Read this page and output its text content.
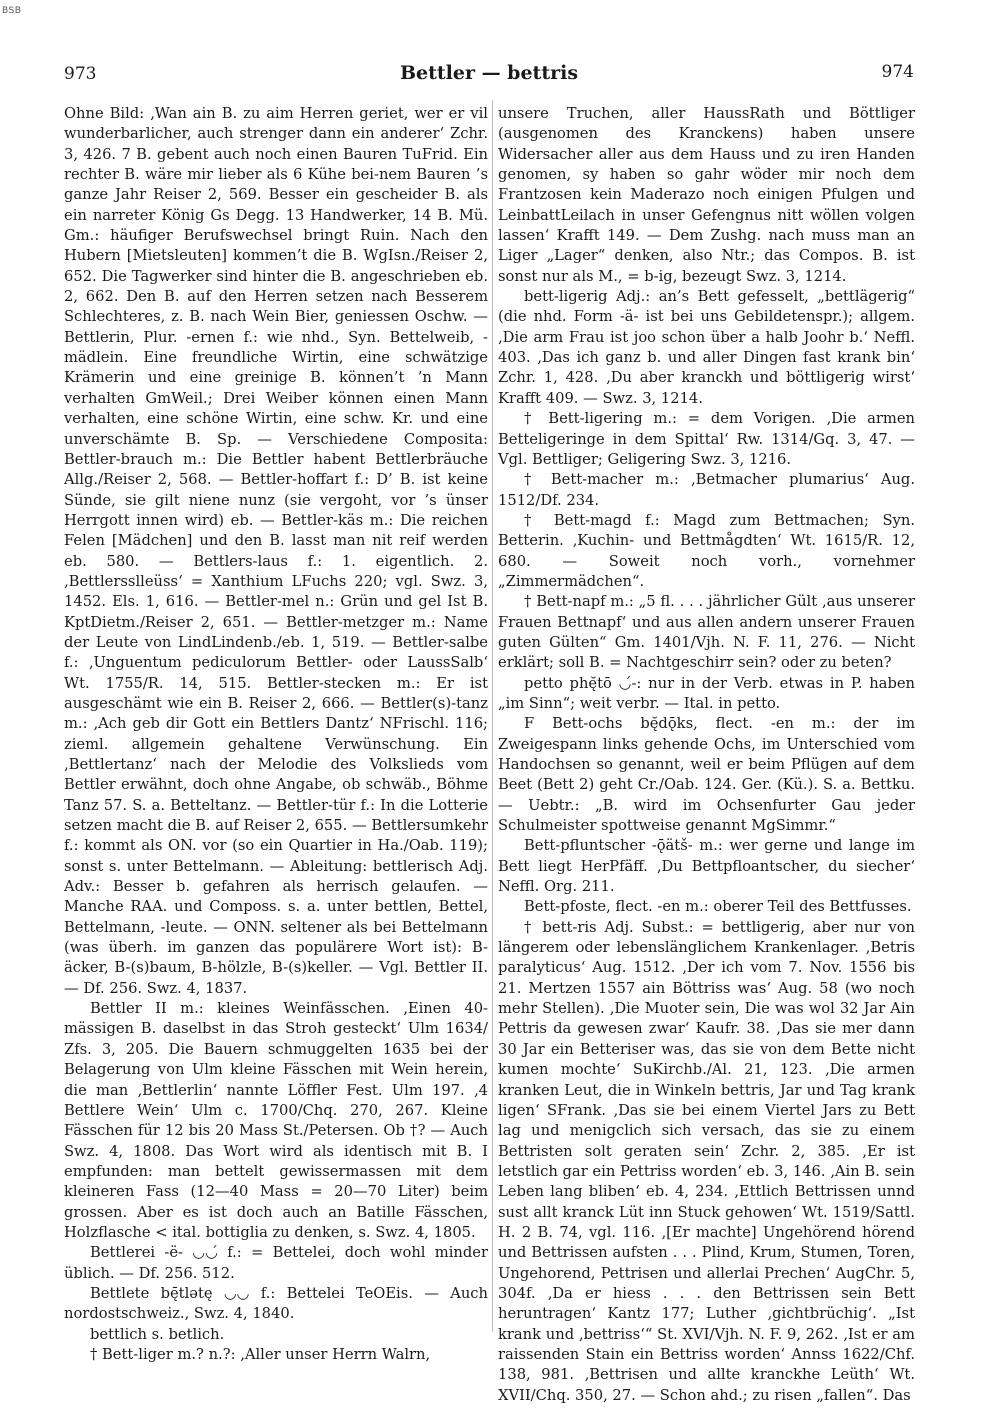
BSB
973	Bettler — bettris	974

Ohne Bild: ‚Wan ain B. zu aim Herren geriet, wer er vil wunderbarlicher, auch strenger dann ein anderer‘ Zchr. 3, 426. 7 B. gebent auch noch einen Bauren TuFrid. Ein rechter B. wäre mir lieber als 6 Kühe bei-nem Bauren ’s ganze Jahr Reiser 2, 569. Besser ein gescheider B. als ein narreter König Gs Degg. 13 Handwerker, 14 B. Mü. Gm.: häufiger Berufswechsel bringt Ruin. Nach den Hubern [Mietsleuten] kommen’t die B. WgIsn./Reiser 2, 652. Die Tagwerker sind hinter die B. angeschrieben eb. 2, 662. Den B. auf den Herren setzen nach Besserem Schlechteres, z. B. nach Wein Bier, geniessen Oschw. — Bettlerin, Plur. -ernen f.: wie nhd., Syn. Bettelweib, -mädlein. Eine freundliche Wirtin, eine schwätzige Krämerin und eine greinige B. können’t ’n Mann verhalten GmWeil.; Drei Weiber können einen Mann verhalten, eine schöne Wirtin, eine schw. Kr. und eine unverschämte B. Sp. — Verschiedene Composita: Bettler-brauch m.: Die Bettler habent Bettlerbräuche Allg./Reiser 2, 568. — Bettler-hoffart f.: D’ B. ist keine Sünde, sie gilt niene nunz (sie vergoht, vor ’s ünser Herrgott innen wird) eb. — Bettler-käs m.: Die reichen Felen [Mädchen] und den B. lasst man nit reif werden eb. 580. — Bettlers-laus f.: 1. eigentlich. 2. ‚Bettlersslleüss‘ = Xanthium LFuchs 220; vgl. Swz. 3, 1452. Els. 1, 616. — Bettler-mel n.: Grün und gel Ist B. KptDietm./Reiser 2, 651. — Bettler-metzger m.: Name der Leute von LindLindenb./eb. 1, 519. — Bettler-salbe f.: ‚Unguentum pediculorum Bettler- oder LaussSalb‘ Wt. 1755/R. 14, 515. Bettler-stecken m.: Er ist ausgeschämt wie ein B. Reiser 2, 666. — Bettler(s)-tanz m.: ‚Ach geb dir Gott ein Bettlers Dantz‘ NFrischl. 116; zieml. allgemein gehaltene Verwünschung. Ein ‚Bettlertanz‘ nach der Melodie des Volkslieds vom Bettler erwähnt, doch ohne Angabe, ob schwäb., Böhme Tanz 57. S. a. Betteltanz. — Bettler-tür f.: In die Lotterie setzen macht die B. auf Reiser 2, 655. — Bettlersumkehr f.: kommt als ON. vor (so ein Quartier in Ha./Oab. 119); sonst s. unter Bettelmann. — Ableitung: bettlerisch Adj. Adv.: Besser b. gefahren als herrisch gelaufen. — Manche RAA. und Composs. s. a. unter bettlen, Bettel, Bettelmann, -leute. — ONN. seltener als bei Bettelmann (was überh. im ganzen das populärere Wort ist): B-äcker, B-(s)baum, B-hölzle, B-(s)keller. — Vgl. Bettler II. — Df. 256. Swz. 4, 1837.

Bettler II m.: kleines Weinfässchen. ‚Einen 40-mässigen B. daselbst in das Stroh gesteckt‘ Ulm 1634/ Zfs. 3, 205. Die Bauern schmuggelten 1635 bei der Belagerung von Ulm kleine Fässchen mit Wein herein, die man ‚Bettlerlin‘ nannte Löffler Fest. Ulm 197. ‚4 Bettlere Wein‘ Ulm c. 1700/Chq. 270, 267. Kleine Fässchen für 12 bis 20 Mass St./Petersen. Ob †? — Auch Swz. 4, 1808. Das Wort wird als identisch mit B. I empfunden: man bettelt gewissermassen mit dem kleineren Fass (12—40 Mass = 20—70 Liter) beim grossen. Aber es ist doch auch an Batille Fässchen, Holzflasche < ital. bottiglia zu denken, s. Swz. 4, 1805.

Bettlerei -ë- ◡◡́ f.: = Bettelei, doch wohl minder üblich. — Df. 256. 512.

Bettlete bę̄tlətę ◡◡ f.: Bettelei TeOEis. — Auch nordostschweiz., Swz. 4, 1840.

bettlich s. betlich.

† Bett-liger m.? n.?: ‚Aller unser Herrn Walrn,

unsere Truchen, aller HaussRath und Böttliger (ausgenomen des Kranckens) haben unsere Widersacher aller aus dem Hauss und zu iren Handen genomen, sy haben so gahr wöder mir noch dem Frantzosen kein Maderazo noch einigen Pfulgen und LeinbattLeilach in unser Gefengnus nitt wöllen volgen lassen‘ Krafft 149. — Dem Zushg. nach muss man an Liger „Lager“ denken, also Ntr.; das Compos. B. ist sonst nur als M., = b-ig, bezeugt Swz. 3, 1214.

bett-ligerig Adj.: an’s Bett gefesselt, „bettlägerig“ (die nhd. Form -ä- ist bei uns Gebildetenspr.); allgem. ‚Die arm Frau ist joo schon über a halb Joohr b.‘ Neffl. 403. ‚Das ich ganz b. und aller Dingen fast krank bin‘ Zchr. 1, 428. ‚Du aber kranckh und böttligerig wirst‘ Krafft 409. — Swz. 3, 1214.

† Bett-ligering m.: = dem Vorigen. ‚Die armen Betteligeringe in dem Spittal‘ Rw. 1314/Gq. 3, 47. — Vgl. Bettliger; Geligering Swz. 3, 1216.

† Bett-macher m.: ‚Betmacher plumarius‘ Aug. 1512/Df. 234.

† Bett-magd f.: Magd zum Bettmachen; Syn. Betterin. ‚Kuchin- und Bettmågdten‘ Wt. 1615/R. 12, 680. — Soweit noch vorh., vornehmer „Zimmermädchen“.

† Bett-napf m.: „5 fl. . . . jährlicher Gült ‚aus unserer Frauen Bettnapf‘ und aus allen andern unserer Frauen guten Gülten“ Gm. 1401/Vjh. N. F. 11, 276. — Nicht erklärt; soll B. = Nachtgeschirr sein? oder zu beten?

petto phę̆tō ◡́-: nur in der Verb. etwas in P. haben „im Sinn“; weit verbr. — Ital. in petto.

F Bett-ochs bę̆dǭks, flect. -en m.: der im Zweigespann links gehende Ochs, im Unterschied vom Handochsen so genannt, weil er beim Pflügen auf dem Beet (Bett 2) geht Cr./Oab. 124. Ger. (Kü.). S. a. Bettku. — Uebtr.: „B. wird im Ochsenfurter Gau jeder Schulmeister spottweise genannt MgSimmr.“

Bett-pfluntscher -ǭätš- m.: wer gerne und lange im Bett liegt HerPfäff. ‚Du Bettpfloantscher, du siecher‘ Neffl. Org. 211.

Bett-pfoste, flect. -en m.: oberer Teil des Bettfusses.

† bett-ris Adj. Subst.: = bettligerig, aber nur von längerem oder lebenslänglichem Krankenlager. ‚Betris paralyticus‘ Aug. 1512. ‚Der ich vom 7. Nov. 1556 bis 21. Mertzen 1557 ain Böttriss was‘ Aug. 58 (wo noch mehr Stellen). ‚Die Muoter sein, Die was wol 32 Jar Ain Pettris da gewesen zwar‘ Kaufr. 38. ‚Das sie mer dann 30 Jar ein Betteriser was, das sie von dem Bette nicht kumen mochte‘ SuKirchb./Al. 21, 123. ‚Die armen kranken Leut, die in Winkeln bettris, Jar und Tag krank ligen‘ SFrank. ‚Das sie bei einem Viertel Jars zu Bett lag und menigclich sich versach, das sie zu einem Bettristen solt geraten sein‘ Zchr. 2, 385. ‚Er ist letstlich gar ein Pettriss worden‘ eb. 3, 146. ‚Ain B. sein Leben lang bliben‘ eb. 4, 234. ‚Ettlich Bettrissen unnd sust allt kranck Lüt inn Stuck gehowen‘ Wt. 1519/Sattl. H. 2 B. 74, vgl. 116. ‚[Er machte] Ungehörend hörend und Bettrissen aufsten . . . Plind, Krum, Stumen, Toren, Ungehorend, Pettrisen und allerlai Prechen‘ AugChr. 5, 304f. ‚Da er hiess . . . den Bettrissen sein Bett heruntragen‘ Kantz 177; Luther ‚gichtbrüchig‘. „Ist krank und ‚bettriss‘“ St. XVI/Vjh. N. F. 9, 262. ‚Ist er am raissenden Stain ein Bettriss worden‘ Annss 1622/Chf. 138, 981. ‚Bettrisen und allte kranckhe Leüth‘ Wt. XVII/Chq. 350, 27. — Schon ahd.; zu risen „fallen“. Das
